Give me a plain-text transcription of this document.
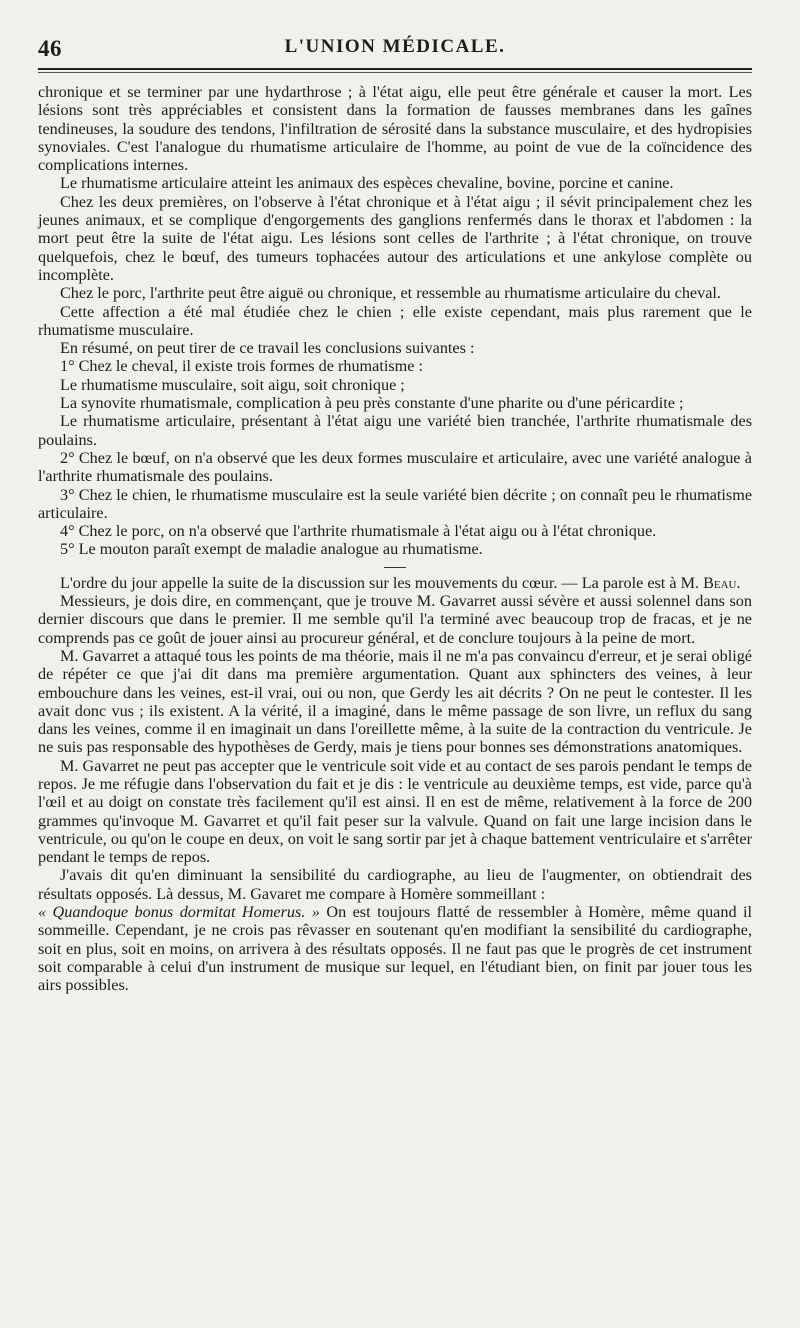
46	L'UNION MÉDICALE.

chronique et se terminer par une hydarthrose ; à l'état aigu, elle peut être générale et causer la mort. Les lésions sont très appréciables et consistent dans la formation de fausses membranes dans les gaînes tendineuses, la soudure des tendons, l'infiltration de sérosité dans la substance musculaire, et des hydropisies synoviales. C'est l'analogue du rhumatisme articulaire de l'homme, au point de vue de la coïncidence des complications internes.

Le rhumatisme articulaire atteint les animaux des espèces chevaline, bovine, porcine et canine.

Chez les deux premières, on l'observe à l'état chronique et à l'état aigu ; il sévit principalement chez les jeunes animaux, et se complique d'engorgements des ganglions renfermés dans le thorax et l'abdomen : la mort peut être la suite de l'état aigu. Les lésions sont celles de l'arthrite ; à l'état chronique, on trouve quelquefois, chez le bœuf, des tumeurs tophacées autour des articulations et une ankylose complète ou incomplète.

Chez le porc, l'arthrite peut être aiguë ou chronique, et ressemble au rhumatisme articulaire du cheval.

Cette affection a été mal étudiée chez le chien ; elle existe cependant, mais plus rarement que le rhumatisme musculaire.

En résumé, on peut tirer de ce travail les conclusions suivantes :

1° Chez le cheval, il existe trois formes de rhumatisme :

Le rhumatisme musculaire, soit aigu, soit chronique ;

La synovite rhumatismale, complication à peu près constante d'une pharite ou d'une péricardite ;

Le rhumatisme articulaire, présentant à l'état aigu une variété bien tranchée, l'arthrite rhumatismale des poulains.

2° Chez le bœuf, on n'a observé que les deux formes musculaire et articulaire, avec une variété analogue à l'arthrite rhumatismale des poulains.

3° Chez le chien, le rhumatisme musculaire est la seule variété bien décrite ; on connaît peu le rhumatisme articulaire.

4° Chez le porc, on n'a observé que l'arthrite rhumatismale à l'état aigu ou à l'état chronique.

5° Le mouton paraît exempt de maladie analogue au rhumatisme.

L'ordre du jour appelle la suite de la discussion sur les mouvements du cœur. — La parole est à M. Beau.

Messieurs, je dois dire, en commençant, que je trouve M. Gavarret aussi sévère et aussi solennel dans son dernier discours que dans le premier. Il me semble qu'il l'a terminé avec beaucoup trop de fracas, et je ne comprends pas ce goût de jouer ainsi au procureur général, et de conclure toujours à la peine de mort.

M. Gavarret a attaqué tous les points de ma théorie, mais il ne m'a pas convaincu d'erreur, et je serai obligé de répéter ce que j'ai dit dans ma première argumentation. Quant aux sphincters des veines, à leur embouchure dans les veines, est-il vrai, oui ou non, que Gerdy les ait décrits ? On ne peut le contester. Il les avait donc vus ; ils existent. A la vérité, il a imaginé, dans le même passage de son livre, un reflux du sang dans les veines, comme il en imaginait un dans l'oreillette même, à la suite de la contraction du ventricule. Je ne suis pas responsable des hypothèses de Gerdy, mais je tiens pour bonnes ses démonstrations anatomiques.

M. Gavarret ne peut pas accepter que le ventricule soit vide et au contact de ses parois pendant le temps de repos. Je me réfugie dans l'observation du fait et je dis : le ventricule au deuxième temps, est vide, parce qu'à l'œil et au doigt on constate très facilement qu'il est ainsi. Il en est de même, relativement à la force de 200 grammes qu'invoque M. Gavarret et qu'il fait peser sur la valvule. Quand on fait une large incision dans le ventricule, ou qu'on le coupe en deux, on voit le sang sortir par jet à chaque battement ventriculaire et s'arrêter pendant le temps de repos.

J'avais dit qu'en diminuant la sensibilité du cardiographe, au lieu de l'augmenter, on obtiendrait des résultats opposés. Là dessus, M. Gavaret me compare à Homère sommeillant :

« Quandoque bonus dormitat Homerus. » On est toujours flatté de ressembler à Homère, même quand il sommeille. Cependant, je ne crois pas rêvasser en soutenant qu'en modifiant la sensibilité du cardiographe, soit en plus, soit en moins, on arrivera à des résultats opposés. Il ne faut pas que le progrès de cet instrument soit comparable à celui d'un instrument de musique sur lequel, en l'étudiant bien, on finit par jouer tous les airs possibles.
